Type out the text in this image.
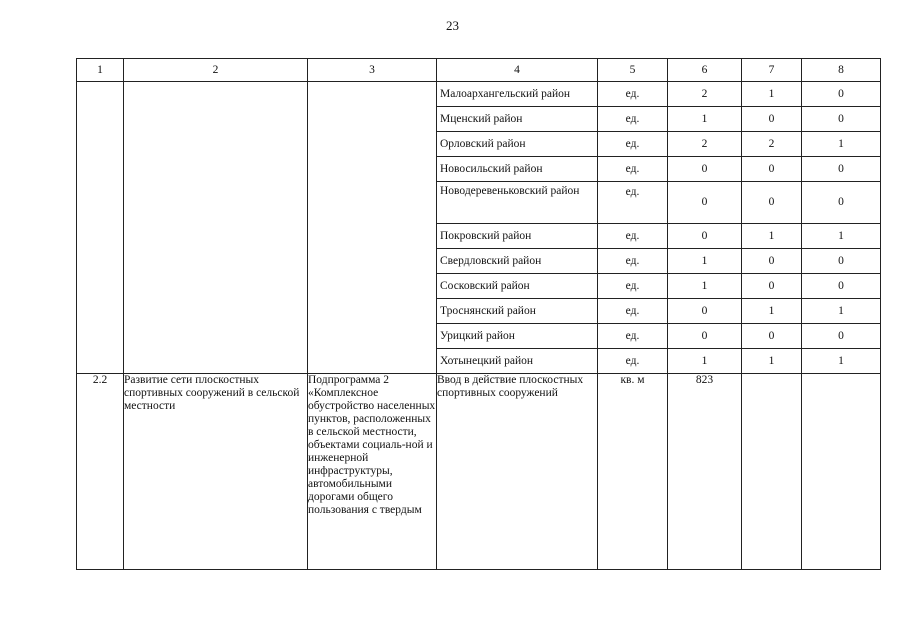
23
1	2	3	4	5	6	7	8
			Малоархангельский район	ед.	2	1	0
			Мценский район	ед.	1	0	0
			Орловский район	ед.	2	2	1
			Новосильский район	ед.	0	0	0
			Новодеревеньковский район	ед.	0	0	0
			Покровский район	ед.	0	1	1
			Свердловский район	ед.	1	0	0
			Сосковский район	ед.	1	0	0
			Троснянский район	ед.	0	1	1
			Урицкий район	ед.	0	0	0
			Хотынецкий район	ед.	1	1	1
2.2	Развитие сети плоскостных спортивных сооружений в сельской местности	Подпрограмма 2 «Комплексное обустройство населенных пунктов, расположенных в сельской местности, объектами социаль-ной и инженерной инфраструктуры, автомобильными дорогами общего пользования с твердым	Ввод в действие плоскостных спортивных сооружений	кв. м	823		
